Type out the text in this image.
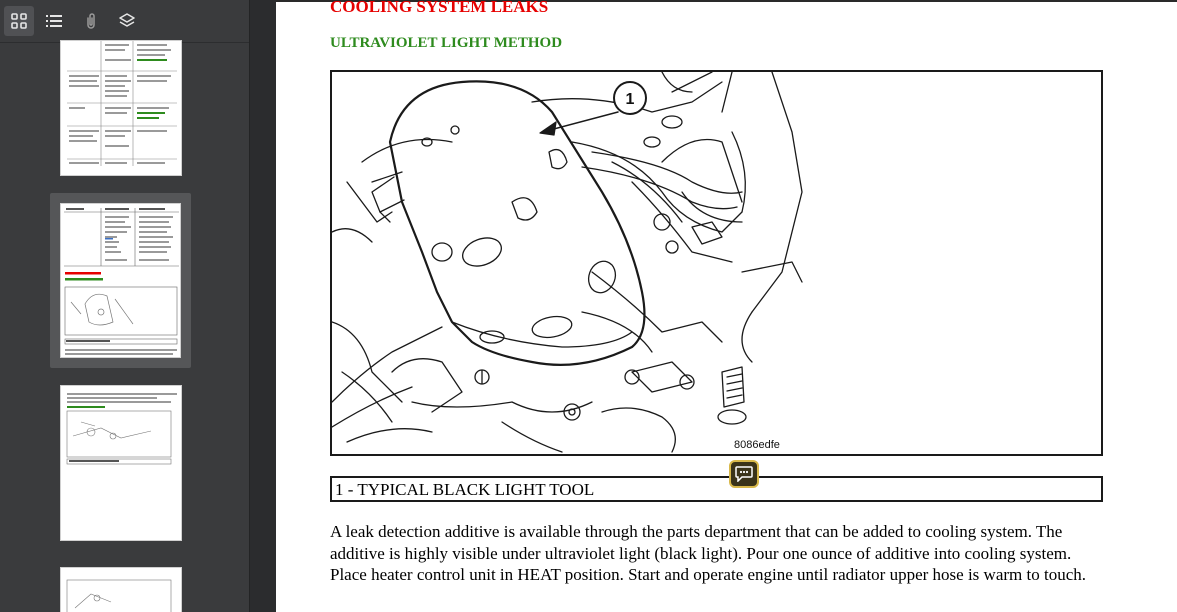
COOLING SYSTEM LEAKS
ULTRAVIOLET LIGHT METHOD
1
8086edfe
1 - TYPICAL BLACK LIGHT TOOL
A leak detection additive is available through the parts department that can be added to cooling system. The
additive is highly visible under ultraviolet light (black light). Pour one ounce of additive into cooling system.
Place heater control unit in HEAT position. Start and operate engine until radiator upper hose is warm to touch.
